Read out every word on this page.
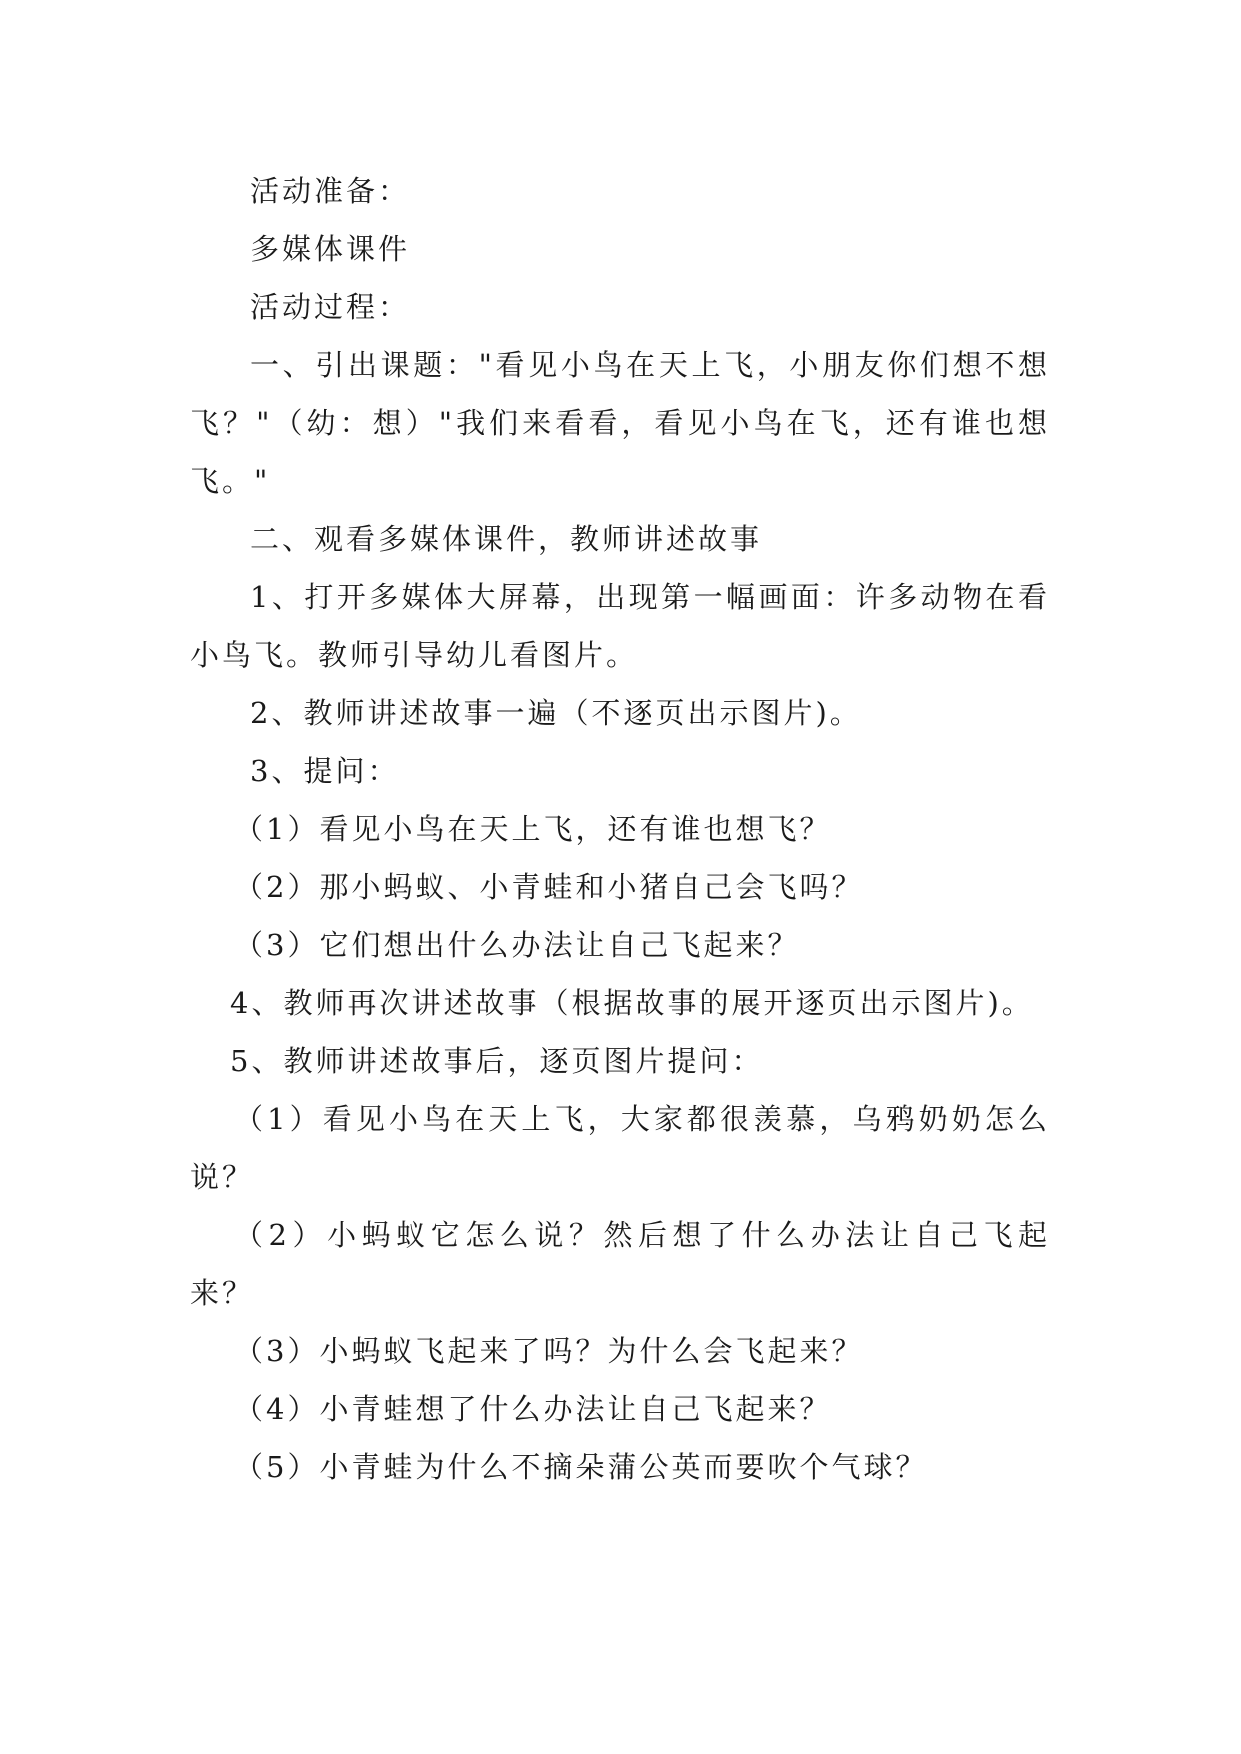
活动准备：

多媒体课件

活动过程：

一、引出课题："看见小鸟在天上飞，小朋友你们想不想飞？"（幼：想）"我们来看看，看见小鸟在飞，还有谁也想飞。"

二、观看多媒体课件，教师讲述故事

1、打开多媒体大屏幕，出现第一幅画面：许多动物在看小鸟飞。教师引导幼儿看图片。

2、教师讲述故事一遍（不逐页出示图片)。

3、提问：

（1）看见小鸟在天上飞，还有谁也想飞？

（2）那小蚂蚁、小青蛙和小猪自己会飞吗？

（3）它们想出什么办法让自己飞起来？

4、教师再次讲述故事（根据故事的展开逐页出示图片)。

5、教师讲述故事后，逐页图片提问：

（1）看见小鸟在天上飞，大家都很羡慕，乌鸦奶奶怎么说？

（2）小蚂蚁它怎么说？然后想了什么办法让自己飞起来？

（3）小蚂蚁飞起来了吗？为什么会飞起来？

（4）小青蛙想了什么办法让自己飞起来？

（5）小青蛙为什么不摘朵蒲公英而要吹个气球？
